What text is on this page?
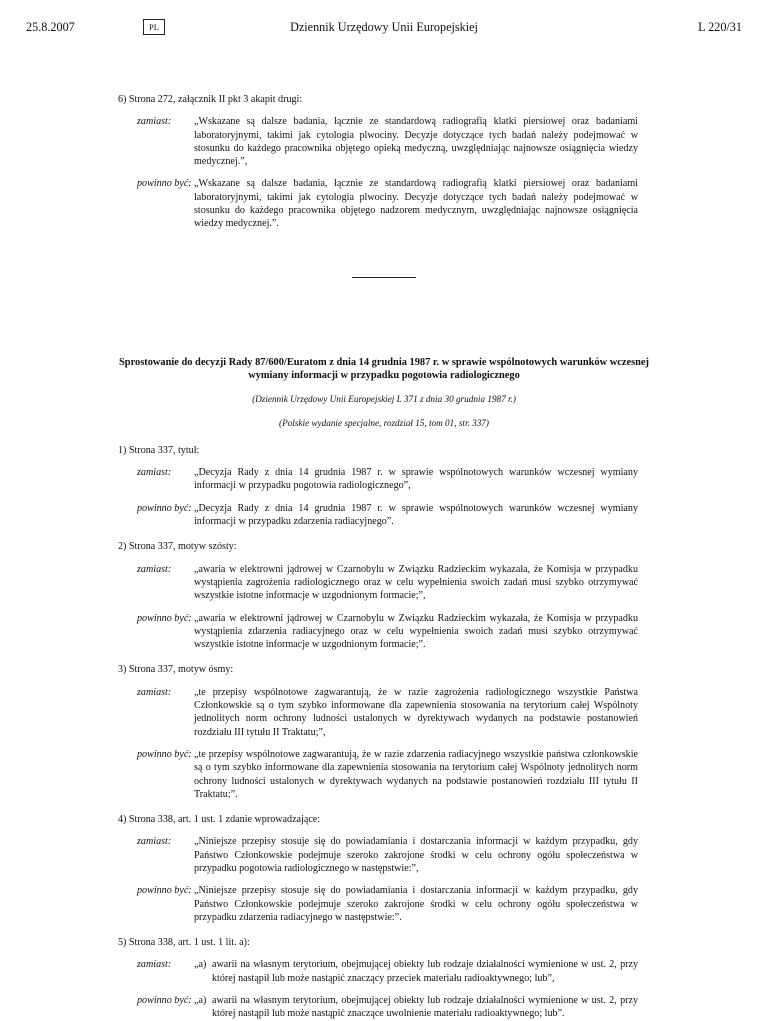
25.8.2007	PL	Dziennik Urzędowy Unii Europejskiej	L 220/31
6) Strona 272, załącznik II pkt 3 akapit drugi:
zamiast:	„Wskazane są dalsze badania, łącznie ze standardową radiografią klatki piersiowej oraz badaniami laboratoryjnymi, takimi jak cytologia plwociny. Decyzje dotyczące tych badań należy podejmować w stosunku do każdego pracownika objętego opieką medyczną, uwzględniając najnowsze osiągnięcia wiedzy medycznej.”,
powinno być: „Wskazane są dalsze badania, łącznie ze standardową radiografią klatki piersiowej oraz badaniami laboratoryjnymi, takimi jak cytologia plwociny. Decyzje dotyczące tych badań należy podejmować w stosunku do każdego pracownika objętego nadzorem medycznym, uwzględniając najnowsze osiągnięcia wiedzy medycznej.”.
Sprostowanie do decyzji Rady 87/600/Euratom z dnia 14 grudnia 1987 r. w sprawie wspólnotowych warunków wczesnej wymiany informacji w przypadku pogotowia radiologicznego
(Dziennik Urzędowy Unii Europejskiej L 371 z dnia 30 grudnia 1987 r.)
(Polskie wydanie specjalne, rozdział 15, tom 01, str. 337)
1) Strona 337, tytuł:
zamiast:	„Decyzja Rady z dnia 14 grudnia 1987 r. w sprawie wspólnotowych warunków wczesnej wymiany informacji w przypadku pogotowia radiologicznego”,
powinno być: „Decyzja Rady z dnia 14 grudnia 1987 r. w sprawie wspólnotowych warunków wczesnej wymiany informacji w przypadku zdarzenia radiacyjnego”.
2) Strona 337, motyw szósty:
zamiast:	„awaria w elektrowni jądrowej w Czarnobylu w Związku Radzieckim wykazała, że Komisja w przypadku wystąpienia zagrożenia radiologicznego oraz w celu wypełnienia swoich zadań musi szybko otrzymywać wszystkie istotne informacje w uzgodnionym formacie;”,
powinno być: „awaria w elektrowni jądrowej w Czarnobylu w Związku Radzieckim wykazała, że Komisja w przypadku wystąpienia zdarzenia radiacyjnego oraz w celu wypełnienia swoich zadań musi szybko otrzymywać wszystkie istotne informacje w uzgodnionym formacie;”.
3) Strona 337, motyw ósmy:
zamiast:	„te przepisy wspólnotowe zagwarantują, że w razie zagrożenia radiologicznego wszystkie Państwa Członkowskie są o tym szybko informowane dla zapewnienia stosowania na terytorium całej Wspólnoty jednolitych norm ochrony ludności ustalonych w dyrektywach wydanych na podstawie postanowień rozdziału III tytułu II Traktatu;”,
powinno być: „te przepisy wspólnotowe zagwarantują, że w razie zdarzenia radiacyjnego wszystkie państwa członkowskie są o tym szybko informowane dla zapewnienia stosowania na terytorium całej Wspólnoty jednolitych norm ochrony ludności ustalonych w dyrektywach wydanych na podstawie postanowień rozdziału III tytułu II Traktatu;”.
4) Strona 338, art. 1 ust. 1 zdanie wprowadzające:
zamiast:	„Niniejsze przepisy stosuje się do powiadamiania i dostarczania informacji w każdym przypadku, gdy Państwo Członkowskie podejmuje szeroko zakrojone środki w celu ochrony ogółu społeczeństwa w przypadku pogotowia radiologicznego w następstwie:”,
powinno być: „Niniejsze przepisy stosuje się do powiadamiania i dostarczania informacji w każdym przypadku, gdy Państwo Członkowskie podejmuje szeroko zakrojone środki w celu ochrony ogółu społeczeństwa w przypadku zdarzenia radiacyjnego w następstwie:”.
5) Strona 338, art. 1 ust. 1 lit. a):
zamiast:	„a) awarii na własnym terytorium, obejmującej obiekty lub rodzaje działalności wymienione w ust. 2, przy której nastąpił lub może nastąpić znaczący przeciek materiału radioaktywnego; lub”,
powinno być: „a) awarii na własnym terytorium, obejmującej obiekty lub rodzaje działalności wymienione w ust. 2, przy której nastąpił lub może nastąpić znaczące uwolnienie materiału radioaktywnego; lub”.
